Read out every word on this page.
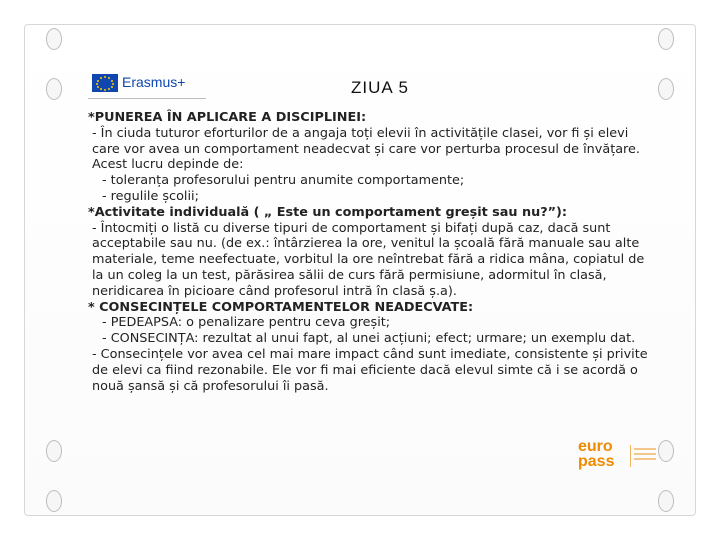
Erasmus+	ZIUA 5

*PUNEREA ÎN APLICARE A DISCIPLINEI:

- În ciuda tuturor eforturilor de a angaja toți elevii în activitățile clasei, vor fi și elevi care vor avea un comportament neadecvat și care vor perturba procesul de învățare. Acest lucru depinde de:

- toleranța profesorului pentru anumite comportamente;

- regulile școlii;

*Activitate individuală ( „ Este un comportament greșit sau nu?”):

- Întocmiți o listă cu diverse tipuri de comportament și bifați după caz, dacă sunt acceptabile sau nu. (de ex.: întârzierea la ore, venitul la școală fără manuale sau alte materiale, teme neefectuate, vorbitul la ore neîntrebat fără a ridica mâna, copiatul de la un coleg la un test, părăsirea sălii de curs fără permisiune, adormitul în clasă, neridicarea în picioare când profesorul intră în clasă ș.a).

* CONSECINȚELE COMPORTAMENTELOR NEADECVATE:

- PEDEAPSA: o penalizare pentru ceva greșit;

- CONSECINȚA: rezultat al unui fapt, al unei acțiuni; efect; urmare; un exemplu dat.

- Consecințele vor avea cel mai mare impact când sunt imediate, consistente și privite de elevi ca fiind rezonabile. Ele vor fi mai eficiente dacă elevul simte că i se acordă o nouă șansă și că profesorului îi pasă.

euro
pass
